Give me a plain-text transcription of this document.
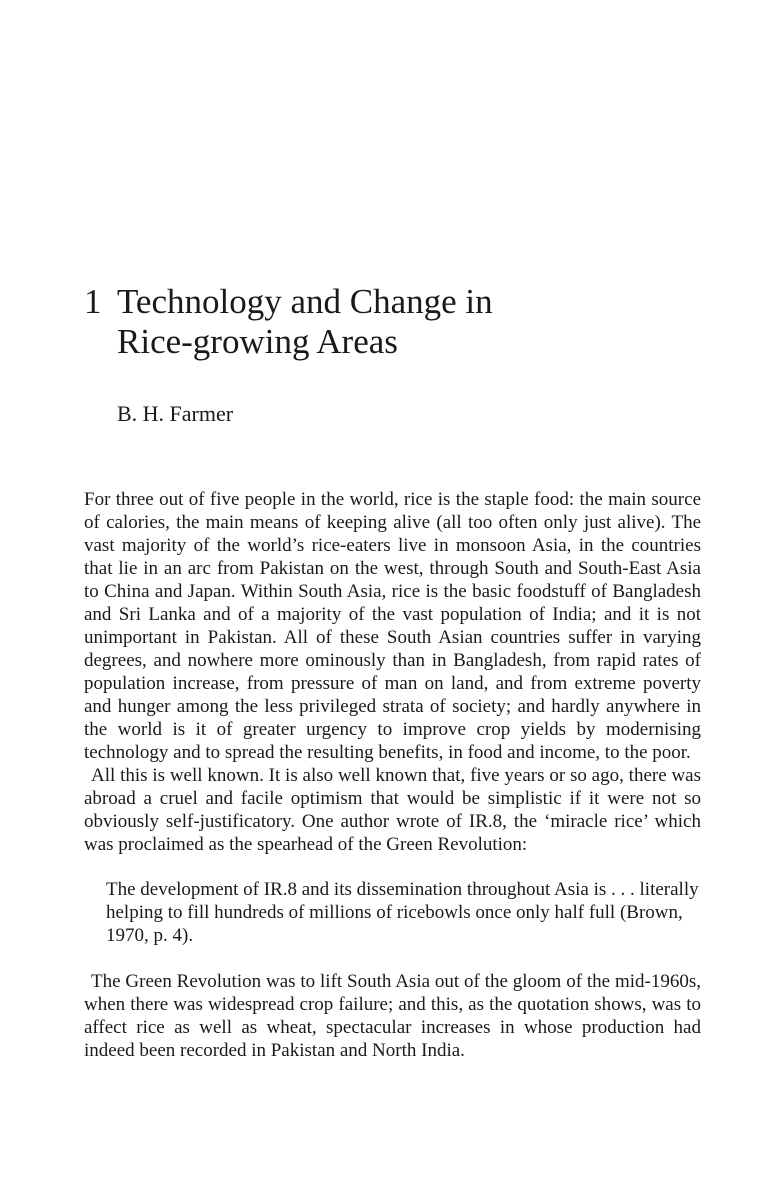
1 Technology and Change in Rice-growing Areas
B. H. Farmer

For three out of five people in the world, rice is the staple food: the main source of calories, the main means of keeping alive (all too often only just alive). The vast majority of the world’s rice-eaters live in monsoon Asia, in the countries that lie in an arc from Pakistan on the west, through South and South-East Asia to China and Japan. Within South Asia, rice is the basic foodstuff of Bangladesh and Sri Lanka and of a majority of the vast population of India; and it is not unimportant in Pakistan. All of these South Asian countries suffer in varying degrees, and nowhere more ominously than in Bangladesh, from rapid rates of population increase, from pressure of man on land, and from extreme poverty and hunger among the less privileged strata of society; and hardly anywhere in the world is it of greater urgency to improve crop yields by modernising technology and to spread the resulting benefits, in food and income, to the poor.

All this is well known. It is also well known that, five years or so ago, there was abroad a cruel and facile optimism that would be simplistic if it were not so obviously self-justificatory. One author wrote of IR.8, the ‘miracle rice’ which was proclaimed as the spearhead of the Green Revolution:

The development of IR.8 and its dissemination throughout Asia is . . . literally helping to fill hundreds of millions of ricebowls once only half full (Brown, 1970, p. 4).

The Green Revolution was to lift South Asia out of the gloom of the mid-1960s, when there was widespread crop failure; and this, as the quotation shows, was to affect rice as well as wheat, spectacular increases in whose production had indeed been recorded in Pakistan and North India.
